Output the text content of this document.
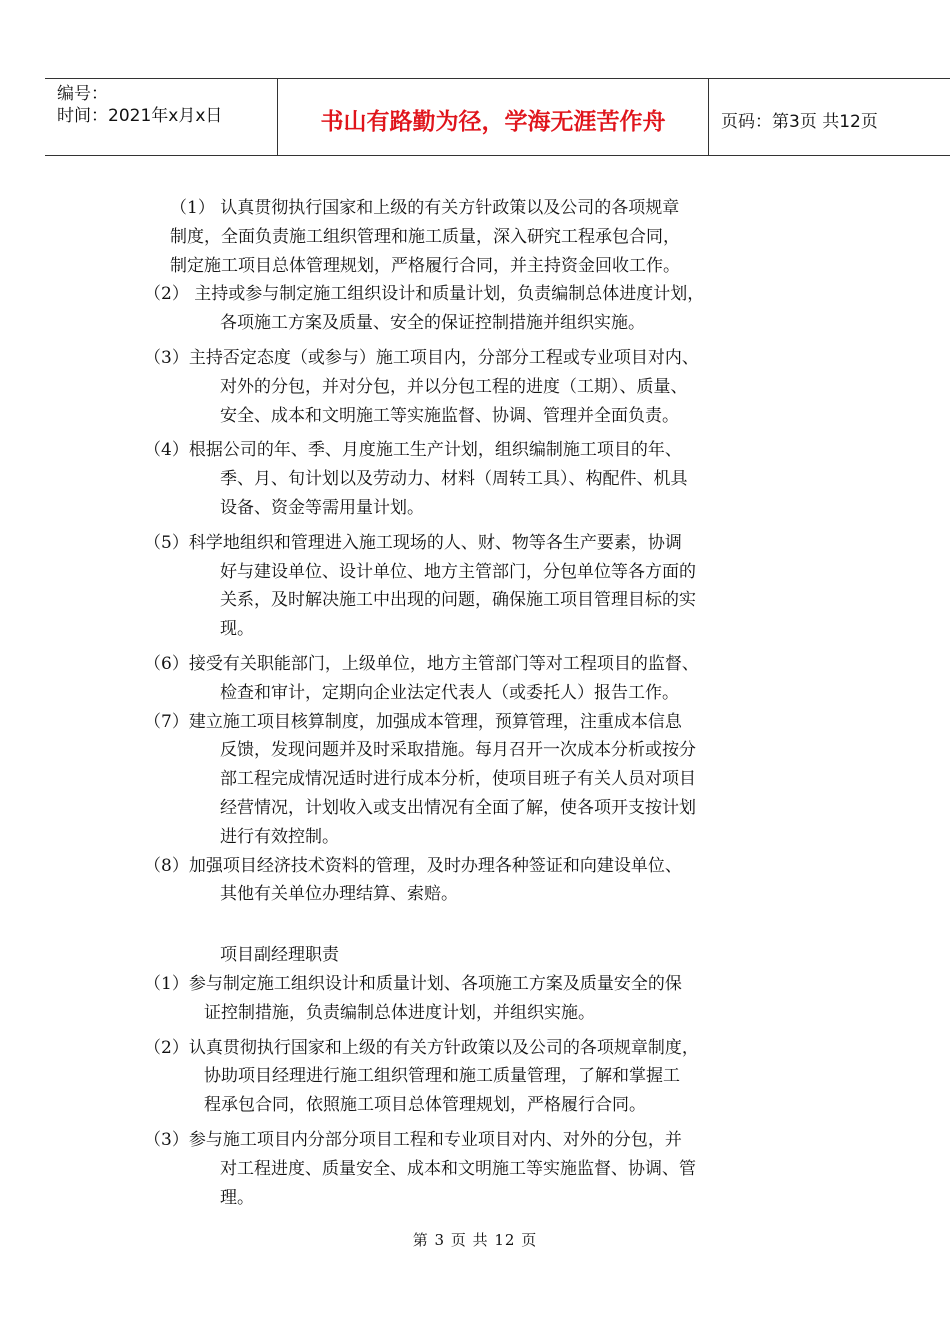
编号：
时间：2021年x月x日	书山有路勤为径，学海无涯苦作舟	页码：第3页 共12页
（1） 认真贯彻执行国家和上级的有关方针政策以及公司的各项规章
制度，全面负责施工组织管理和施工质量，深入研究工程承包合同，
制定施工项目总体管理规划，严格履行合同，并主持资金回收工作。
（2） 主持或参与制定施工组织设计和质量计划，负责编制总体进度计划，
各项施工方案及质量、安全的保证控制措施并组织实施。
（3）主持否定态度（或参与）施工项目内，分部分工程或专业项目对内、
对外的分包，并对分包，并以分包工程的进度（工期）、质量、
安全、成本和文明施工等实施监督、协调、管理并全面负责。
（4）根据公司的年、季、月度施工生产计划，组织编制施工项目的年、
季、月、旬计划以及劳动力、材料（周转工具）、构配件、机具
设备、资金等需用量计划。
（5）科学地组织和管理进入施工现场的人、财、物等各生产要素，协调
好与建设单位、设计单位、地方主管部门，分包单位等各方面的
关系，及时解决施工中出现的问题，确保施工项目管理目标的实
现。
（6）接受有关职能部门，上级单位，地方主管部门等对工程项目的监督、
检查和审计，定期向企业法定代表人（或委托人）报告工作。
（7）建立施工项目核算制度，加强成本管理，预算管理，注重成本信息
反馈，发现问题并及时采取措施。每月召开一次成本分析或按分
部工程完成情况适时进行成本分析，使项目班子有关人员对项目
经营情况，计划收入或支出情况有全面了解，使各项开支按计划
进行有效控制。
（8）加强项目经济技术资料的管理，及时办理各种签证和向建设单位、
其他有关单位办理结算、索赔。
项目副经理职责
（1）参与制定施工组织设计和质量计划、各项施工方案及质量安全的保
证控制措施，负责编制总体进度计划，并组织实施。
（2）认真贯彻执行国家和上级的有关方针政策以及公司的各项规章制度，
协助项目经理进行施工组织管理和施工质量管理，了解和掌握工
程承包合同，依照施工项目总体管理规划，严格履行合同。
（3）参与施工项目内分部分项目工程和专业项目对内、对外的分包，并
对工程进度、质量安全、成本和文明施工等实施监督、协调、管
理。
第 3 页 共 12 页
